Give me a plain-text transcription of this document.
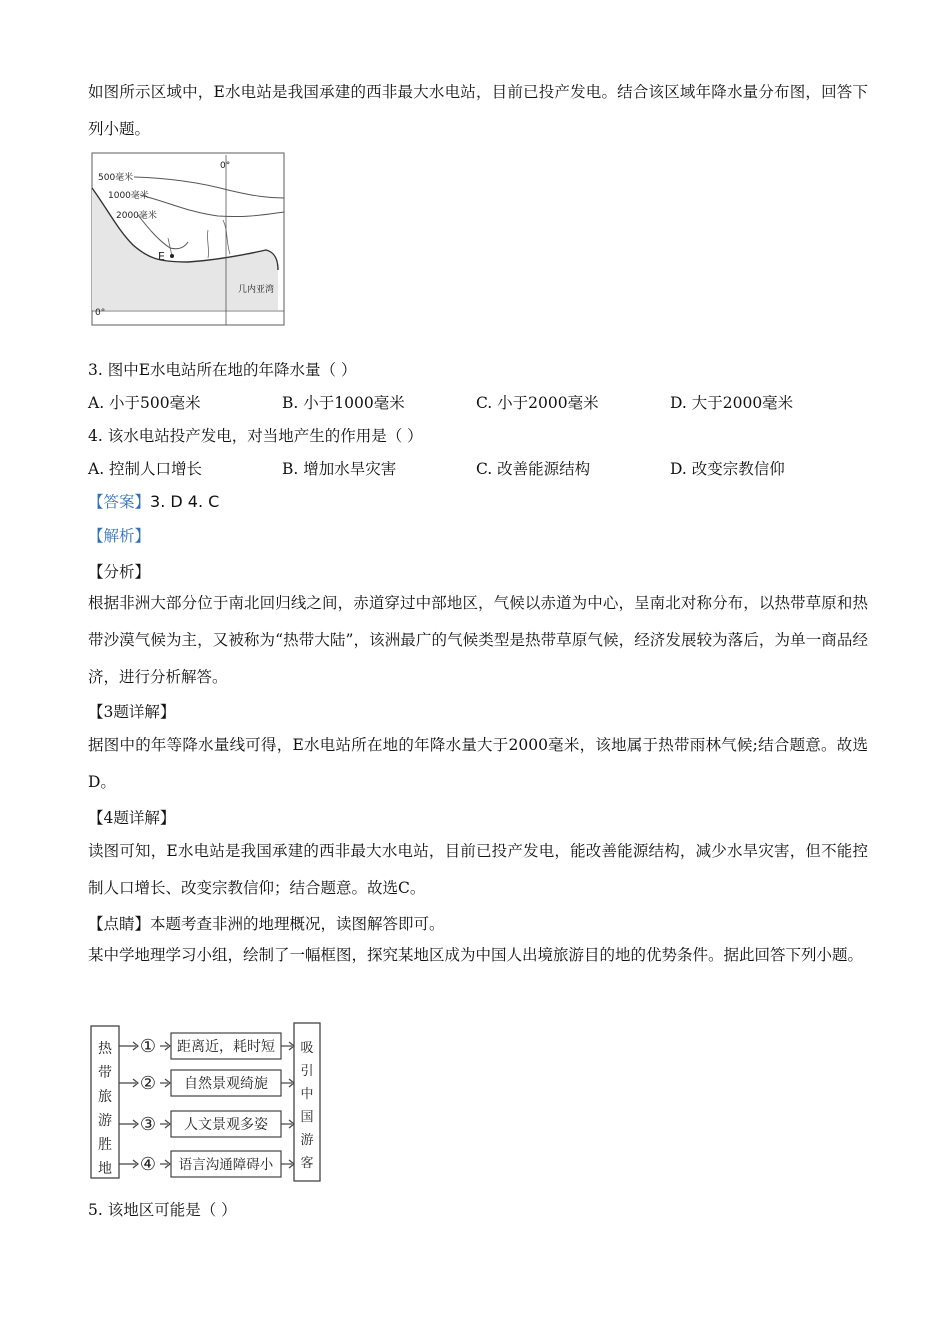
如图所示区域中，E水电站是我国承建的西非最大水电站，目前已投产发电。结合该区域年降水量分布图，回答下列小题。
500毫米
1000毫米
2000毫米
E
几内亚湾
0°
0°
3. 图中E水电站所在地的年降水量（ ）
A. 小于500毫米	B. 小于1000毫米	C. 小于2000毫米	D. 大于2000毫米
4. 该水电站投产发电，对当地产生的作用是（ ）
A. 控制人口增长	B. 增加水旱灾害	C. 改善能源结构	D. 改变宗教信仰
【答案】3. D 4. C
【解析】
【分析】
根据非洲大部分位于南北回归线之间，赤道穿过中部地区，气候以赤道为中心，呈南北对称分布，以热带草原和热带沙漠气候为主，又被称为“热带大陆”，该洲最广的气候类型是热带草原气候，经济发展较为落后，为单一商品经济，进行分析解答。
【3题详解】
据图中的年等降水量线可得，E水电站所在地的年降水量大于2000毫米，该地属于热带雨林气候;结合题意。故选D。
【4题详解】
读图可知，E水电站是我国承建的西非最大水电站，目前已投产发电，能改善能源结构，减少水旱灾害，但不能控制人口增长、改变宗教信仰；结合题意。故选C。
【点睛】本题考查非洲的地理概况，读图解答即可。
某中学地理学习小组，绘制了一幅框图，探究某地区成为中国人出境旅游目的地的优势条件。据此回答下列小题。
热
带
旅
游
胜
地
① 距离近，耗时短
② 自然景观绮旎
③ 人文景观多姿
④ 语言沟通障碍小
吸
引
中
国
游
客
5. 该地区可能是（ ）
